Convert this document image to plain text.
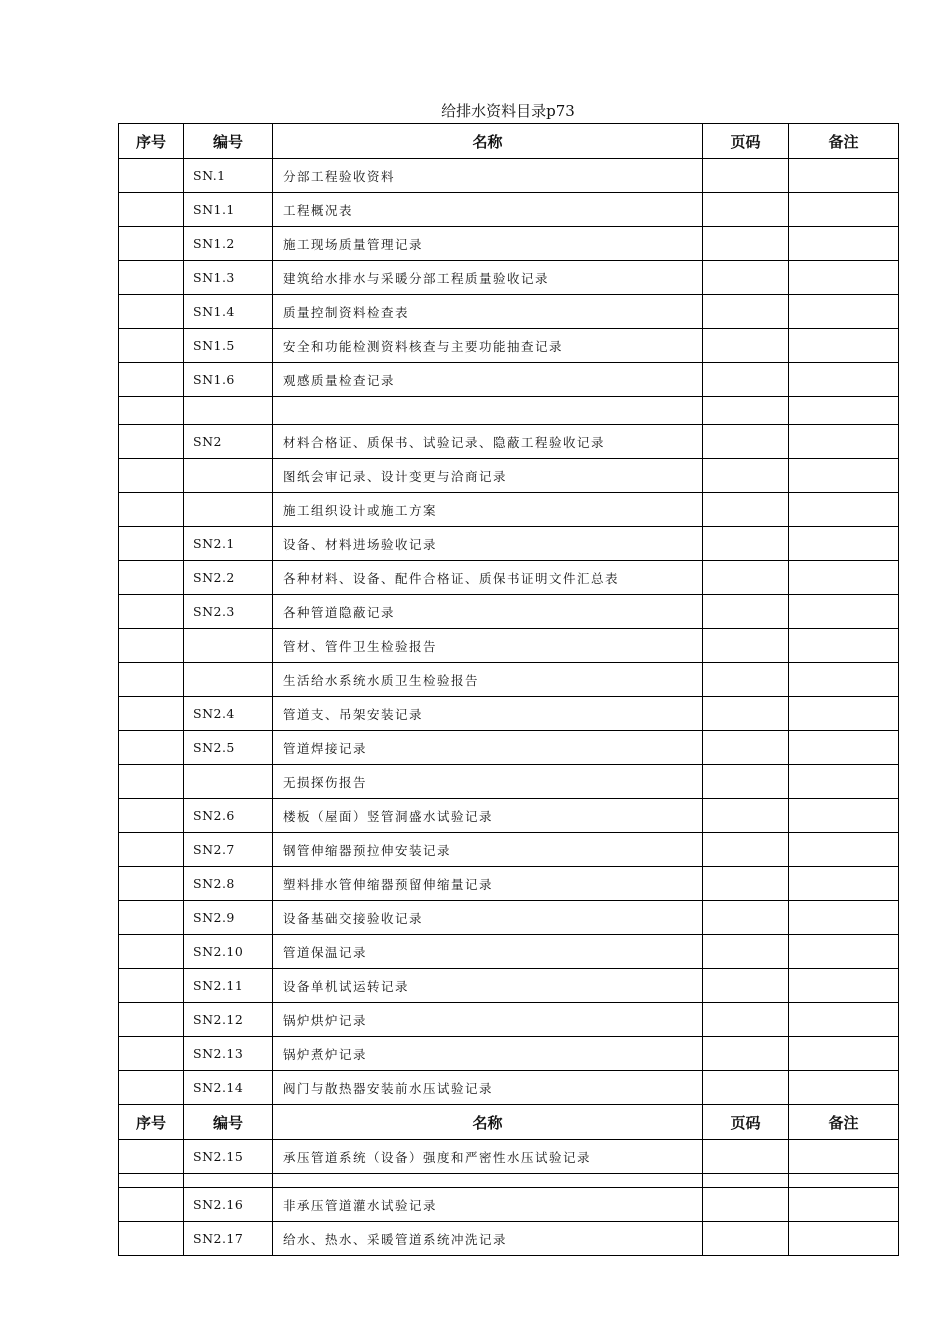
给排水资料目录p73
序号	编号	名称	页码	备注
	SN.1	分部工程验收资料		
	SN1.1	工程概况表		
	SN1.2	施工现场质量管理记录		
	SN1.3	建筑给水排水与采暖分部工程质量验收记录		
	SN1.4	质量控制资料检查表		
	SN1.5	安全和功能检测资料核查与主要功能抽查记录		
	SN1.6	观感质量检查记录		

	SN2	材料合格证、质保书、试验记录、隐蔽工程验收记录		
		图纸会审记录、设计变更与洽商记录		
		施工组织设计或施工方案		
	SN2.1	设备、材料进场验收记录		
	SN2.2	各种材料、设备、配件合格证、质保书证明文件汇总表		
	SN2.3	各种管道隐蔽记录		
		管材、管件卫生检验报告		
		生活给水系统水质卫生检验报告		
	SN2.4	管道支、吊架安装记录		
	SN2.5	管道焊接记录		
		无损探伤报告		
	SN2.6	楼板（屋面）竖管洞盛水试验记录		
	SN2.7	钢管伸缩器预拉伸安装记录		
	SN2.8	塑料排水管伸缩器预留伸缩量记录		
	SN2.9	设备基础交接验收记录		
	SN2.10	管道保温记录		
	SN2.11	设备单机试运转记录		
	SN2.12	锅炉烘炉记录		
	SN2.13	锅炉煮炉记录		
	SN2.14	阀门与散热器安装前水压试验记录		
序号	编号	名称	页码	备注
	SN2.15	承压管道系统（设备）强度和严密性水压试验记录		

	SN2.16	非承压管道灌水试验记录		
	SN2.17	给水、热水、采暖管道系统冲洗记录		
